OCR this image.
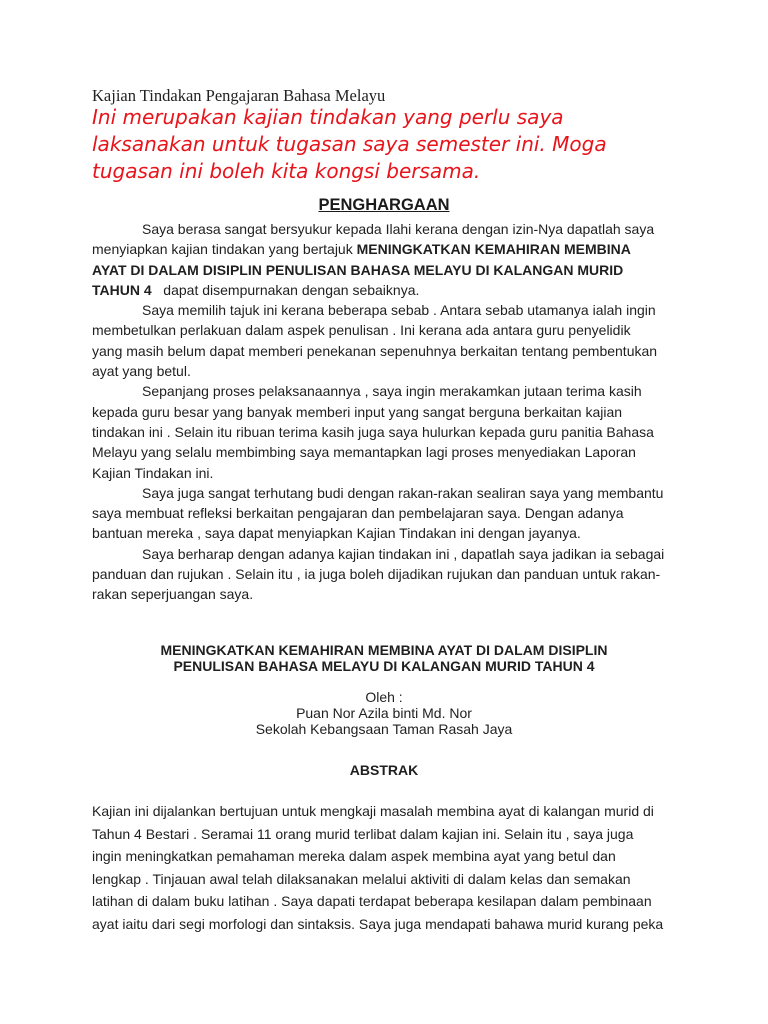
Kajian Tindakan Pengajaran Bahasa Melayu
Ini merupakan kajian tindakan yang perlu saya
laksanakan untuk tugasan saya semester ini. Moga
tugasan ini boleh kita kongsi bersama.
PENGHARGAAN
Saya berasa sangat bersyukur kepada Ilahi kerana dengan izin-Nya dapatlah saya
menyiapkan kajian tindakan yang bertajuk MENINGKATKAN KEMAHIRAN MEMBINA
AYAT DI DALAM DISIPLIN PENULISAN BAHASA MELAYU DI KALANGAN MURID
TAHUN 4   dapat disempurnakan dengan sebaiknya.
Saya memilih tajuk ini kerana beberapa sebab . Antara sebab utamanya ialah ingin
membetulkan perlakuan dalam aspek penulisan . Ini kerana ada antara guru penyelidik
yang masih belum dapat memberi penekanan sepenuhnya berkaitan tentang pembentukan
ayat yang betul.
Sepanjang proses pelaksanaannya , saya ingin merakamkan jutaan terima kasih
kepada guru besar yang banyak memberi input yang sangat berguna berkaitan kajian
tindakan ini . Selain itu ribuan terima kasih juga saya hulurkan kepada guru panitia Bahasa
Melayu yang selalu membimbing saya memantapkan lagi proses menyediakan Laporan
Kajian Tindakan ini.
Saya juga sangat terhutang budi dengan rakan-rakan sealiran saya yang membantu
saya membuat refleksi berkaitan pengajaran dan pembelajaran saya. Dengan adanya
bantuan mereka , saya dapat menyiapkan Kajian Tindakan ini dengan jayanya.
Saya berharap dengan adanya kajian tindakan ini , dapatlah saya jadikan ia sebagai
panduan dan rujukan . Selain itu , ia juga boleh dijadikan rujukan dan panduan untuk rakan-
rakan seperjuangan saya.
MENINGKATKAN KEMAHIRAN MEMBINA AYAT DI DALAM DISIPLIN
PENULISAN BAHASA MELAYU DI KALANGAN MURID TAHUN 4
Oleh :
Puan Nor Azila binti Md. Nor
Sekolah Kebangsaan Taman Rasah Jaya
ABSTRAK
Kajian ini dijalankan bertujuan untuk mengkaji masalah membina ayat di kalangan murid di
Tahun 4 Bestari . Seramai 11 orang murid terlibat dalam kajian ini. Selain itu , saya juga
ingin meningkatkan pemahaman mereka dalam aspek membina ayat yang betul dan
lengkap . Tinjauan awal telah dilaksanakan melalui aktiviti di dalam kelas dan semakan
latihan di dalam buku latihan . Saya dapati terdapat beberapa kesilapan dalam pembinaan
ayat iaitu dari segi morfologi dan sintaksis. Saya juga mendapati bahawa murid kurang peka
